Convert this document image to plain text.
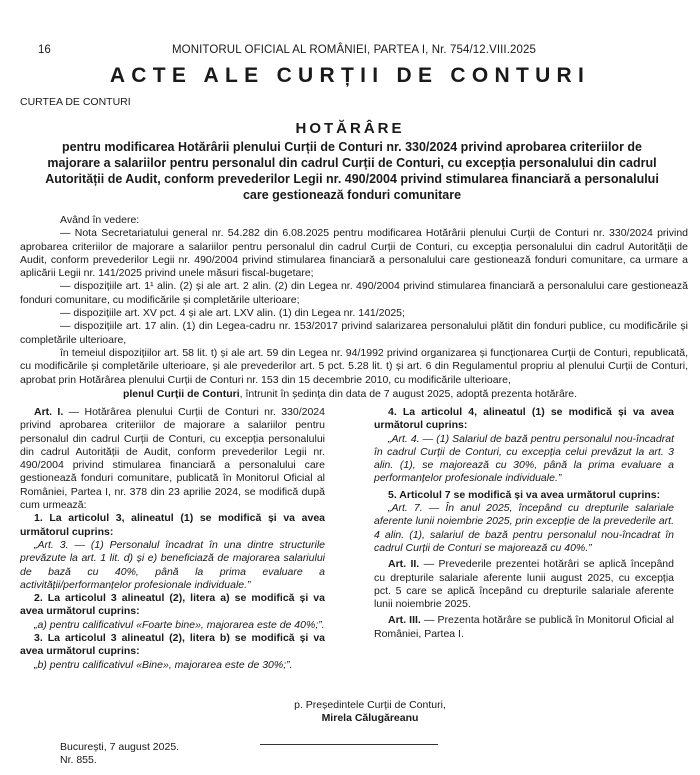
16	MONITORUL OFICIAL AL ROMÂNIEI, PARTEA I, Nr. 754/12.VIII.2025
ACTE ALE CURȚII DE CONTURI
CURTEA DE CONTURI
HOTĂRÂRE
pentru modificarea Hotărârii plenului Curții de Conturi nr. 330/2024 privind aprobarea criteriilor de majorare a salariilor pentru personalul din cadrul Curții de Conturi, cu excepția personalului din cadrul Autorității de Audit, conform prevederilor Legii nr. 490/2004 privind stimularea financiară a personalului care gestionează fonduri comunitare

Având în vedere:

— Nota Secretariatului general nr. 54.282 din 6.08.2025 pentru modificarea Hotărârii plenului Curții de Conturi nr. 330/2024 privind aprobarea criteriilor de majorare a salariilor pentru personalul din cadrul Curții de Conturi, cu excepția personalului din cadrul Autorității de Audit, conform prevederilor Legii nr. 490/2004 privind stimularea financiară a personalului care gestionează fonduri comunitare, ca urmare a aplicării Legii nr. 141/2025 privind unele măsuri fiscal-bugetare;

— dispozițiile art. 1¹ alin. (2) și ale art. 2 alin. (2) din Legea nr. 490/2004 privind stimularea financiară a personalului care gestionează fonduri comunitare, cu modificările și completările ulterioare;

— dispozițiile art. XV pct. 4 și ale art. LXV alin. (1) din Legea nr. 141/2025;

— dispozițiile art. 17 alin. (1) din Legea-cadru nr. 153/2017 privind salarizarea personalului plătit din fonduri publice, cu modificările și completările ulterioare,

în temeiul dispozițiilor art. 58 lit. t) și ale art. 59 din Legea nr. 94/1992 privind organizarea și funcționarea Curții de Conturi, republicată, cu modificările și completările ulterioare, și ale prevederilor art. 5 pct. 5.28 lit. t) și art. 6 din Regulamentul propriu al plenului Curții de Conturi, aprobat prin Hotărârea plenului Curții de Conturi nr. 153 din 15 decembrie 2010, cu modificările ulterioare,

plenul Curții de Conturi, întrunit în ședința din data de 7 august 2025, adoptă prezenta hotărâre.

Art. I. — Hotărârea plenului Curții de Conturi nr. 330/2024 privind aprobarea criteriilor de majorare a salariilor pentru personalul din cadrul Curții de Conturi, cu excepția personalului din cadrul Autorității de Audit, conform prevederilor Legii nr. 490/2004 privind stimularea financiară a personalului care gestionează fonduri comunitare, publicată în Monitorul Oficial al României, Partea I, nr. 378 din 23 aprilie 2024, se modifică după cum urmează:

1. La articolul 3, alineatul (1) se modifică și va avea următorul cuprins:

„Art. 3. — (1) Personalul încadrat în una dintre structurile prevăzute la art. 1 lit. d) și e) beneficiază de majorarea salariului de bază cu 40%, până la prima evaluare a activității/performanțelor profesionale individuale.”

2. La articolul 3 alineatul (2), litera a) se modifică și va avea următorul cuprins:

„a) pentru calificativul «Foarte bine», majorarea este de 40%;”.

3. La articolul 3 alineatul (2), litera b) se modifică și va avea următorul cuprins:

„b) pentru calificativul «Bine», majorarea este de 30%;”.

4. La articolul 4, alineatul (1) se modifică și va avea următorul cuprins:

„Art. 4. — (1) Salariul de bază pentru personalul nou-încadrat în cadrul Curții de Conturi, cu excepția celui prevăzut la art. 3 alin. (1), se majorează cu 30%, până la prima evaluare a performanțelor profesionale individuale.”

5. Articolul 7 se modifică și va avea următorul cuprins:

„Art. 7. — În anul 2025, începând cu drepturile salariale aferente lunii noiembrie 2025, prin excepție de la prevederile art. 4 alin. (1), salariul de bază pentru personalul nou-încadrat în cadrul Curții de Conturi se majorează cu 40%.”

Art. II. — Prevederile prezentei hotărâri se aplică începând cu drepturile salariale aferente lunii august 2025, cu excepția pct. 5 care se aplică începând cu drepturile salariale aferente lunii noiembrie 2025.

Art. III. — Prezenta hotărâre se publică în Monitorul Oficial al României, Partea I.

p. Președintele Curții de Conturi,
Mirela Călugăreanu
București, 7 august 2025.
Nr. 855.
